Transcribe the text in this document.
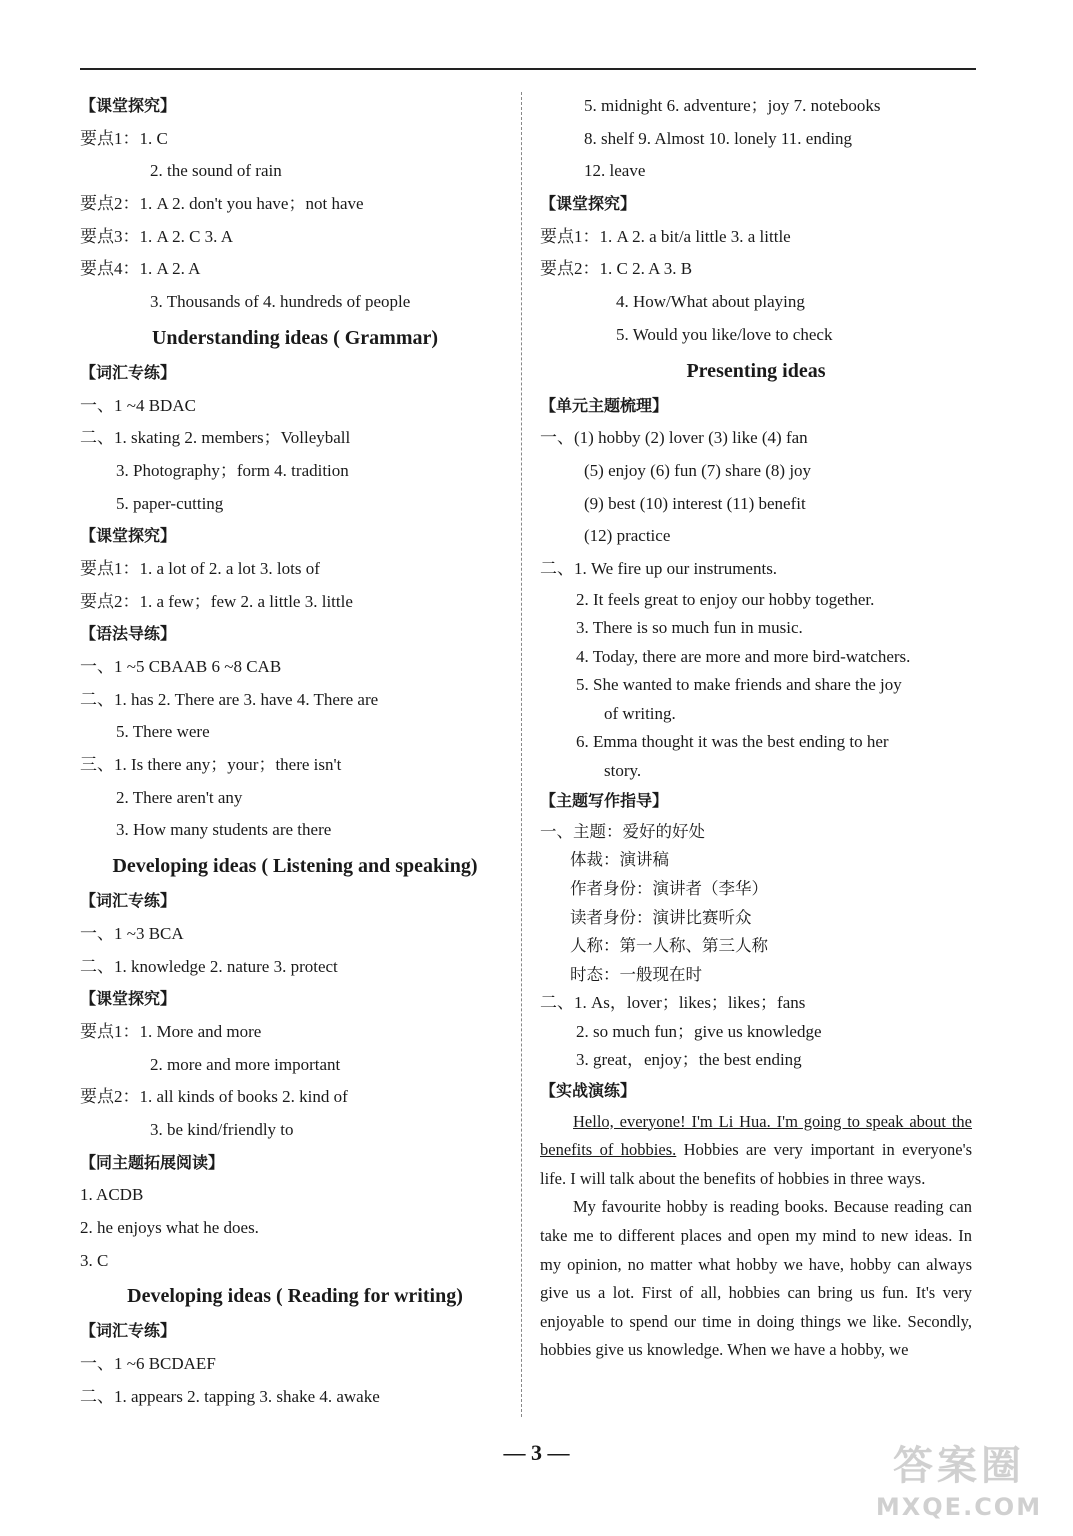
【课堂探究】
要点1：1. C
2. the sound of rain
要点2：1. A 2. don't you have；not have
要点3：1. A 2. C 3. A
要点4：1. A 2. A
3. Thousands of 4. hundreds of people
Understanding ideas ( Grammar)
【词汇专练】
一、1 ~4 BDAC
二、1. skating 2. members；Volleyball
3. Photography；form 4. tradition
5. paper-cutting
【课堂探究】
要点1：1. a lot of 2. a lot 3. lots of
要点2：1. a few；few 2. a little 3. little
【语法导练】
一、1 ~5 CBAAB 6 ~8 CAB
二、1. has 2. There are 3. have 4. There are
5. There were
三、1. Is there any；your；there isn't
2. There aren't any
3. How many students are there
Developing ideas ( Listening and speaking)
【词汇专练】
一、1 ~3 BCA
二、1. knowledge 2. nature 3. protect
【课堂探究】
要点1：1. More and more
2. more and more important
要点2：1. all kinds of books 2. kind of
3. be kind/friendly to
【同主题拓展阅读】
1. ACDB
2. he enjoys what he does.
3. C
Developing ideas ( Reading for writing)
【词汇专练】
一、1 ~6 BCDAEF
二、1. appears 2. tapping 3. shake 4. awake
5. midnight 6. adventure；joy 7. notebooks
8. shelf 9. Almost 10. lonely 11. ending
12. leave
【课堂探究】
要点1：1. A 2. a bit/a little 3. a little
要点2：1. C 2. A 3. B
4. How/What about playing
5. Would you like/love to check
Presenting ideas
【单元主题梳理】
一、(1) hobby (2) lover (3) like (4) fan
(5) enjoy (6) fun (7) share (8) joy
(9) best (10) interest (11) benefit
(12) practice
二、1. We fire up our instruments.
2. It feels great to enjoy our hobby together.
3. There is so much fun in music.
4. Today, there are more and more bird-watchers.
5. She wanted to make friends and share the joy
of writing.
6. Emma thought it was the best ending to her
story.
【主题写作指导】
一、主题：爱好的好处
体裁：演讲稿
作者身份：演讲者（李华）
读者身份：演讲比赛听众
人称：第一人称、第三人称
时态：一般现在时
二、1. As，lover；likes；likes；fans
2. so much fun；give us knowledge
3. great，enjoy；the best ending
【实战演练】

Hello, everyone! I'm Li Hua. I'm going to speak about the benefits of hobbies. Hobbies are very important in everyone's life. I will talk about the benefits of hobbies in three ways.

My favourite hobby is reading books. Because reading can take me to different places and open my mind to new ideas. In my opinion, no matter what hobby we have, hobby can always give us a lot. First of all, hobbies can bring us fun. It's very enjoyable to spend our time in doing things we like. Secondly, hobbies give us knowledge. When we have a hobby, we

— 3 —	答案圈
MXQE.COM
